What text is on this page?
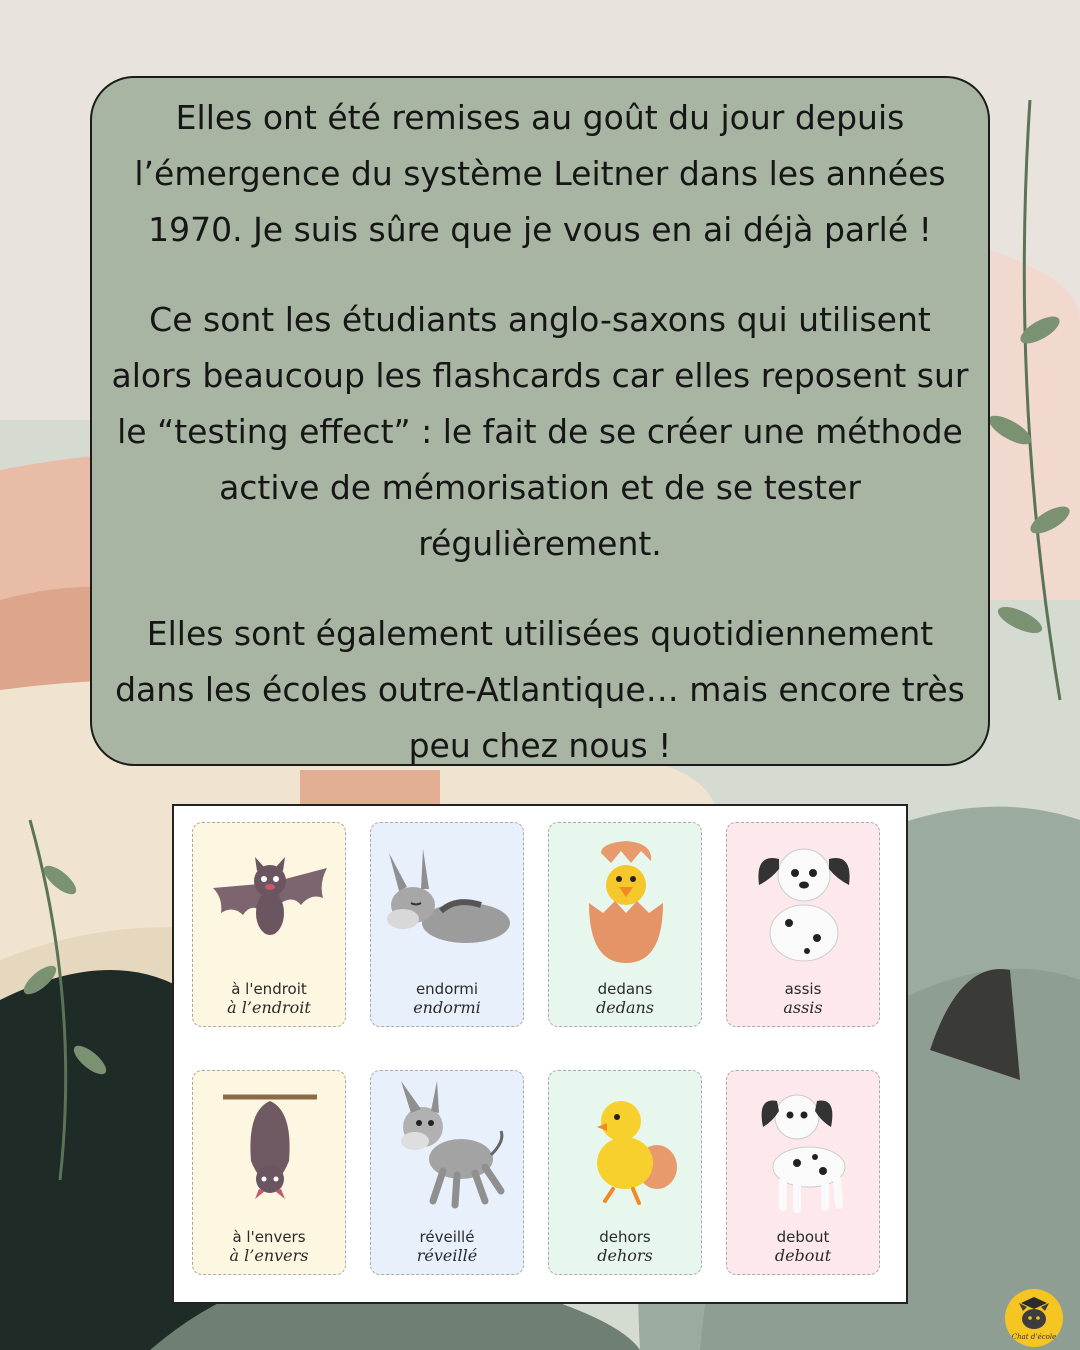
Elles ont été remises au goût du jour depuis l’émergence du système Leitner dans les années 1970. Je suis sûre que je vous en ai déjà parlé !

Ce sont les étudiants anglo-saxons qui utilisent alors beaucoup les flashcards car elles reposent sur le “testing effect” : le fait de se créer une méthode active de mémorisation et de se tester régulièrement.

Elles sont également utilisées quotidiennement dans les écoles outre-Atlantique… mais encore très peu chez nous !

à l'endroit
à l’endroit
endormi
endormi
dedans
dedans
assis
assis
à l'envers
à l’envers
réveillé
réveillé
dehors
dehors
debout
debout
Chat d’école
